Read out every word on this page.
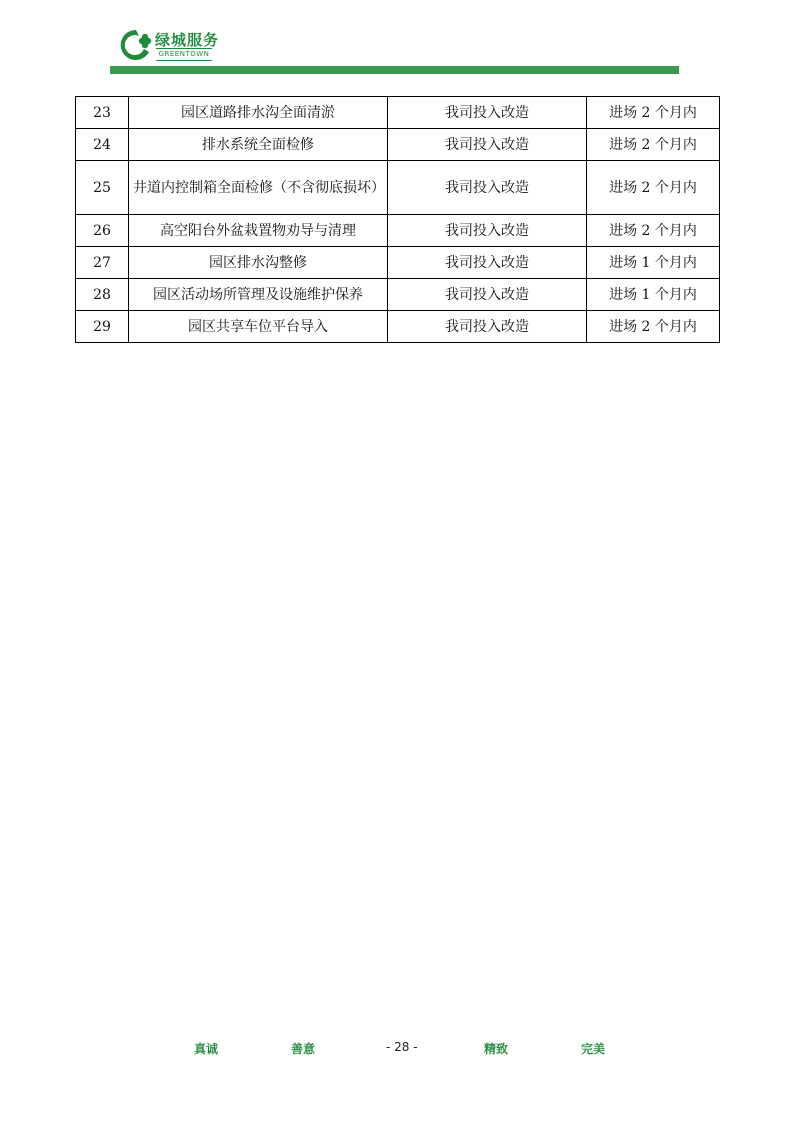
绿城服务
GREENTOWN
23	园区道路排水沟全面清淤	我司投入改造	进场 2 个月内
24	排水系统全面检修	我司投入改造	进场 2 个月内
25	井道内控制箱全面检修（不含彻底损坏）	我司投入改造	进场 2 个月内
26	高空阳台外盆栽置物劝导与清理	我司投入改造	进场 2 个月内
27	园区排水沟整修	我司投入改造	进场 1 个月内
28	园区活动场所管理及设施维护保养	我司投入改造	进场 1 个月内
29	园区共享车位平台导入	我司投入改造	进场 2 个月内
真诚	善意	- 28 -	精致	完美
